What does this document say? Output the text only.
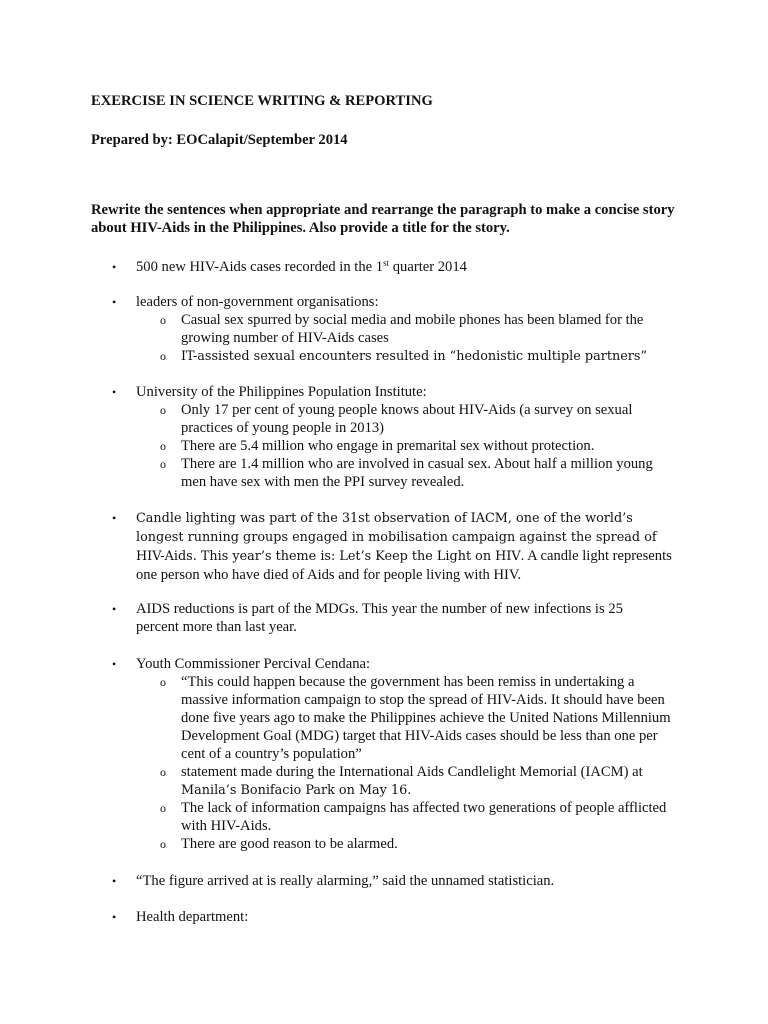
EXERCISE IN SCIENCE WRITING & REPORTING
Prepared by: EOCalapit/September 2014
Rewrite the sentences when appropriate and rearrange the paragraph to make a concise story about HIV-Aids in the Philippines. Also provide a title for the story.
• 500 new HIV-Aids cases recorded in the 1st quarter 2014
• leaders of non-government organisations:
o Casual sex spurred by social media and mobile phones has been blamed for the growing number of HIV-Aids cases
o IT-assisted sexual encounters resulted in “hedonistic multiple partners”
• University of the Philippines Population Institute:
o Only 17 per cent of young people knows about HIV-Aids (a survey on sexual practices of young people in 2013)
o There are 5.4 million who engage in premarital sex without protection.
o There are 1.4 million who are involved in casual sex. About half a million young men have sex with men the PPI survey revealed.
• Candle lighting was part of the 31st observation of IACM, one of the world’s longest running groups engaged in mobilisation campaign against the spread of HIV-Aids. This year’s theme is: Let’s Keep the Light on HIV. A candle light represents one person who have died of Aids and for people living with HIV.
• AIDS reductions is part of the MDGs. This year the number of new infections is 25 percent more than last year.
• Youth Commissioner Percival Cendana:
o “This could happen because the government has been remiss in undertaking a massive information campaign to stop the spread of HIV-Aids. It should have been done five years ago to make the Philippines achieve the United Nations Millennium Development Goal (MDG) target that HIV-Aids cases should be less than one per cent of a country’s population”
o statement made during the International Aids Candlelight Memorial (IACM) at
Manila’s Bonifacio Park on May 16.
o The lack of information campaigns has affected two generations of people afflicted with HIV-Aids.
o There are good reason to be alarmed.
• “The figure arrived at is really alarming,” said the unnamed statistician.
• Health department:
